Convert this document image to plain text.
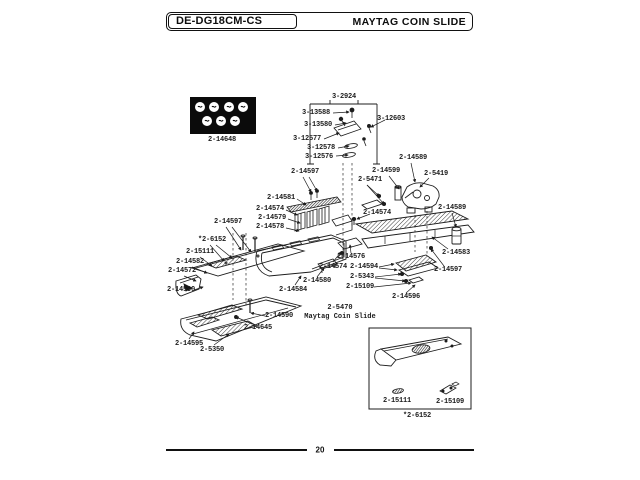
DE-DG18CM-CS	MAYTAG COIN SLIDE
2-14648
3-2924
3-13588
3-13580
3-12577
3-12578
3-12576
3-12603
2-14589
2-14599
2-5471
2-5419
2-14597
2-14581
2-14574
2-14579
2-14578
2-14574
2-14597
*2-6152
2-15111
2-14582
2-14572
2-14590
2-14589
2-14583
2-14597
2-14576
2-14574 2-14594
2-5343
2-15109
2-14580
2-14584
2-14596
2-14590
2-14645
2-14595
2-5350
2-15111	2-15109
*2-6152
2-5470
Maytag Coin Slide
20
